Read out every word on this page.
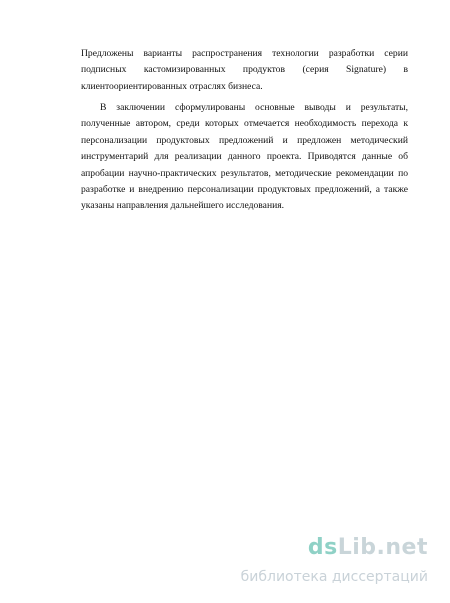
Предложены варианты распространения технологии разработки серии
подписных кастомизированных продуктов (серия Signature) в
клиентоориентированных отраслях бизнеса.

В заключении сформулированы основные выводы и результаты,
полученные автором, среди которых отмечается необходимость перехода к
персонализации продуктовых предложений и предложен методический
инструментарий для реализации данного проекта. Приводятся данные об
апробации научно-практических результатов, методические рекомендации по
разработке и внедрению персонализации продуктовых предложений, а также
указаны направления дальнейшего исследования.

ds Lib.net
библиотека диссертаций
